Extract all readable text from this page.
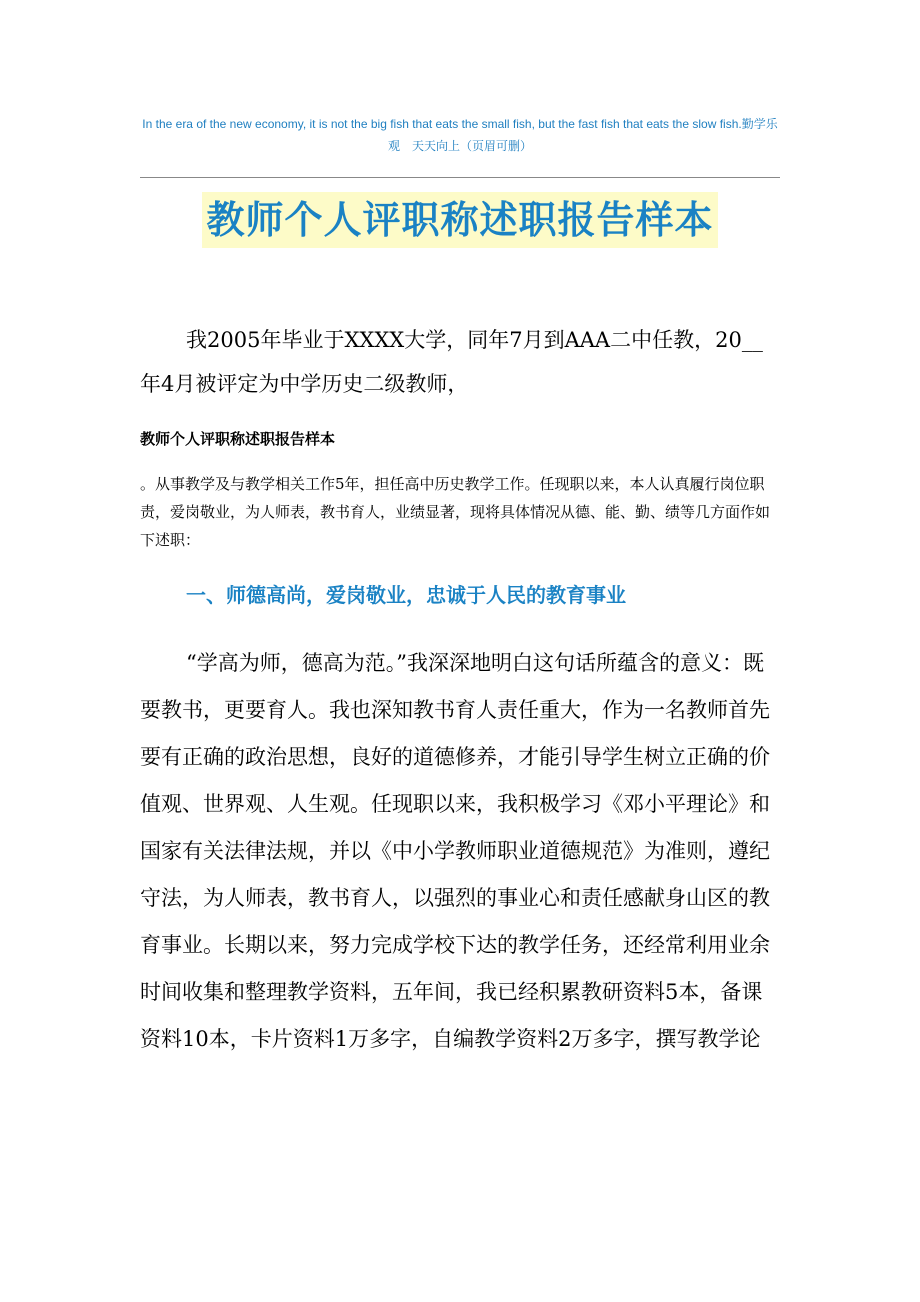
In the era of the new economy, it is not the big fish that eats the small fish, but the fast fish that eats the slow fish.勤学乐观　天天向上（页眉可删）
教师个人评职称述职报告样本

我2005年毕业于XXXX大学，同年7月到AAA二中任教，20__年4月被评定为中学历史二级教师，

教师个人评职称述职报告样本

。从事教学及与教学相关工作5年，担任高中历史教学工作。任现职以来，本人认真履行岗位职责，爱岗敬业，为人师表，教书育人，业绩显著，现将具体情况从德、能、勤、绩等几方面作如下述职：

一、师德高尚，爱岗敬业，忠诚于人民的教育事业

“学高为师，德高为范。”我深深地明白这句话所蕴含的意义：既要教书，更要育人。我也深知教书育人责任重大，作为一名教师首先要有正确的政治思想，良好的道德修养，才能引导学生树立正确的价值观、世界观、人生观。任现职以来，我积极学习《邓小平理论》和国家有关法律法规，并以《中小学教师职业道德规范》为准则，遵纪守法，为人师表，教书育人，以强烈的事业心和责任感献身山区的教育事业。长期以来，努力完成学校下达的教学任务，还经常利用业余时间收集和整理教学资料，五年间，我已经积累教研资料5本，备课资料10本，卡片资料1万多字，自编教学资料2万多字，撰写教学论
